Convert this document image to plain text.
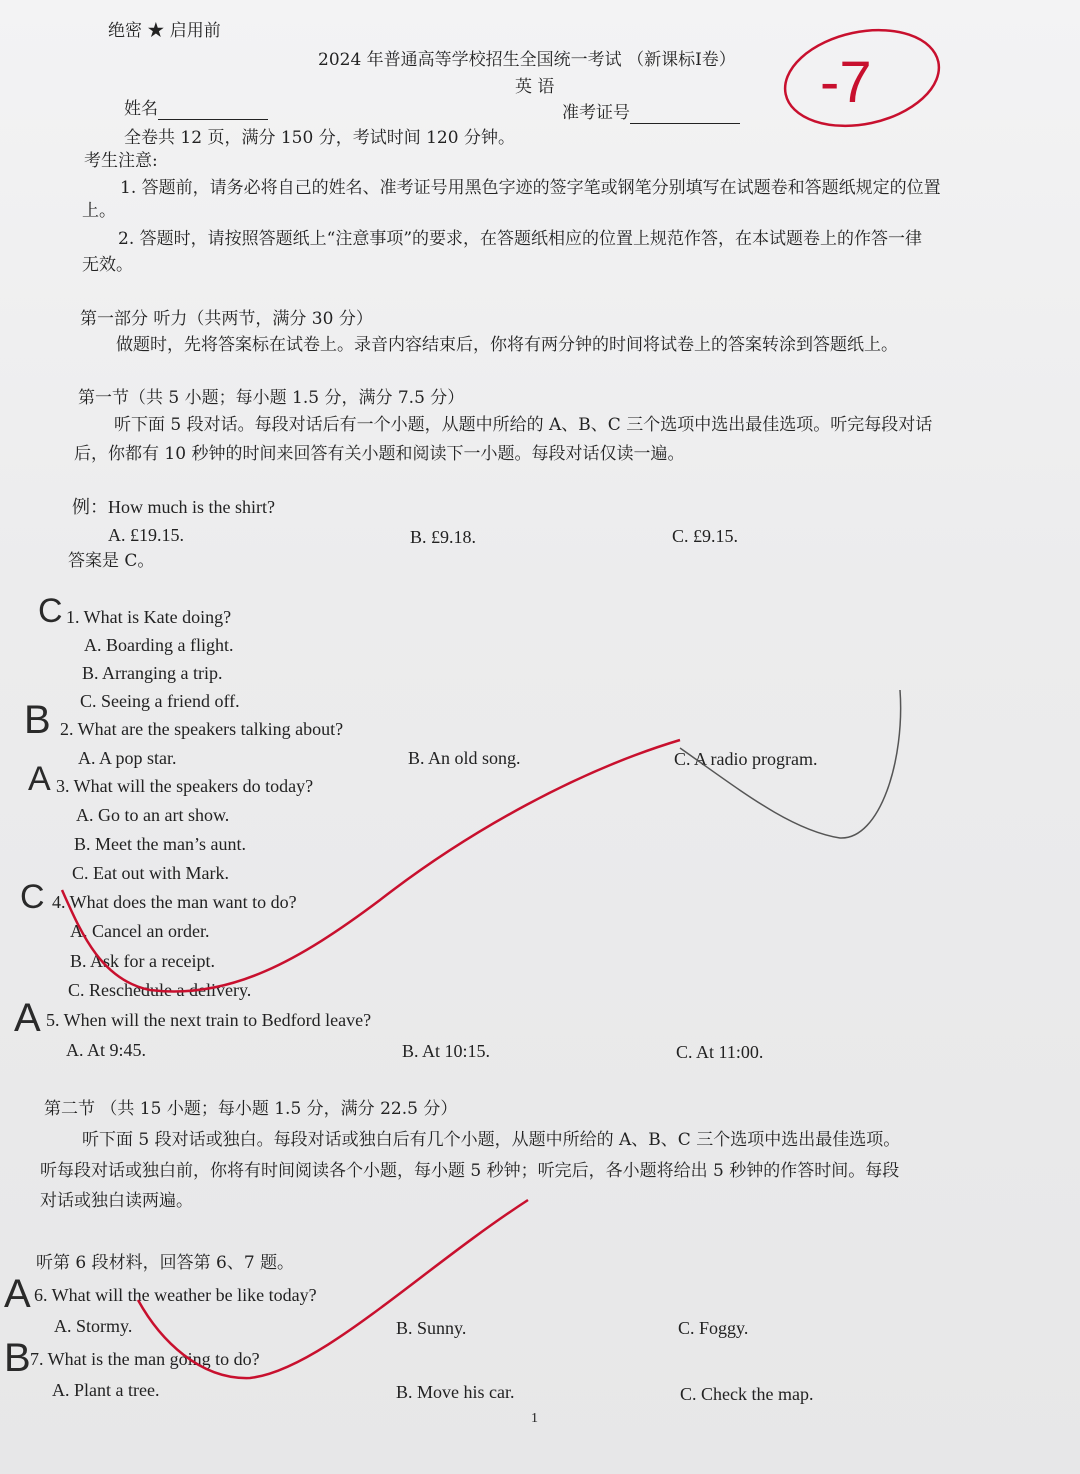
绝密 ★ 启用前
2024 年普通高等学校招生全国统一考试 （新课标Ⅰ卷）
英 语
姓名	准考证号
全卷共 12 页，满分 150 分，考试时间 120 分钟。
考生注意:
1. 答题前，请务必将自己的姓名、准考证号用黑色字迹的签字笔或钢笔分别填写在试题卷和答题纸规定的位置
上。
2. 答题时，请按照答题纸上“注意事项”的要求，在答题纸相应的位置上规范作答，在本试题卷上的作答一律
无效。
第一部分 听力（共两节，满分 30 分）
做题时，先将答案标在试卷上。录音内容结束后，你将有两分钟的时间将试卷上的答案转涂到答题纸上。
第一节（共 5 小题；每小题 1.5 分，满分 7.5 分）
听下面 5 段对话。每段对话后有一个小题，从题中所给的 A、B、C 三个选项中选出最佳选项。听完每段对话
后，你都有 10 秒钟的时间来回答有关小题和阅读下一小题。每段对话仅读一遍。
例：How much is the shirt?
A. £19.15.	B. £9.18.	C. £9.15.
答案是 C。
C 1. What is Kate doing?
A. Boarding a flight.
B. Arranging a trip.
C. Seeing a friend off.
B 2. What are the speakers talking about?
A. A pop star.	B. An old song.	C. A radio program.
A 3. What will the speakers do today?
A. Go to an art show.
B. Meet the man’s aunt.
C. Eat out with Mark.
C 4. What does the man want to do?
A. Cancel an order.
B. Ask for a receipt.
C. Reschedule a delivery.
A 5. When will the next train to Bedford leave?
A. At 9:45.	B. At 10:15.	C. At 11:00.
第二节 （共 15 小题；每小题 1.5 分，满分 22.5 分）
听下面 5 段对话或独白。每段对话或独白后有几个小题，从题中所给的 A、B、C 三个选项中选出最佳选项。
听每段对话或独白前，你将有时间阅读各个小题，每小题 5 秒钟；听完后，各小题将给出 5 秒钟的作答时间。每段
对话或独白读两遍。
听第 6 段材料，回答第 6、7 题。
A 6. What will the weather be like today?
A. Stormy.	B. Sunny.	C. Foggy.
B 7. What is the man going to do?
A. Plant a tree.	B. Move his car.	C. Check the map.
1
-7
